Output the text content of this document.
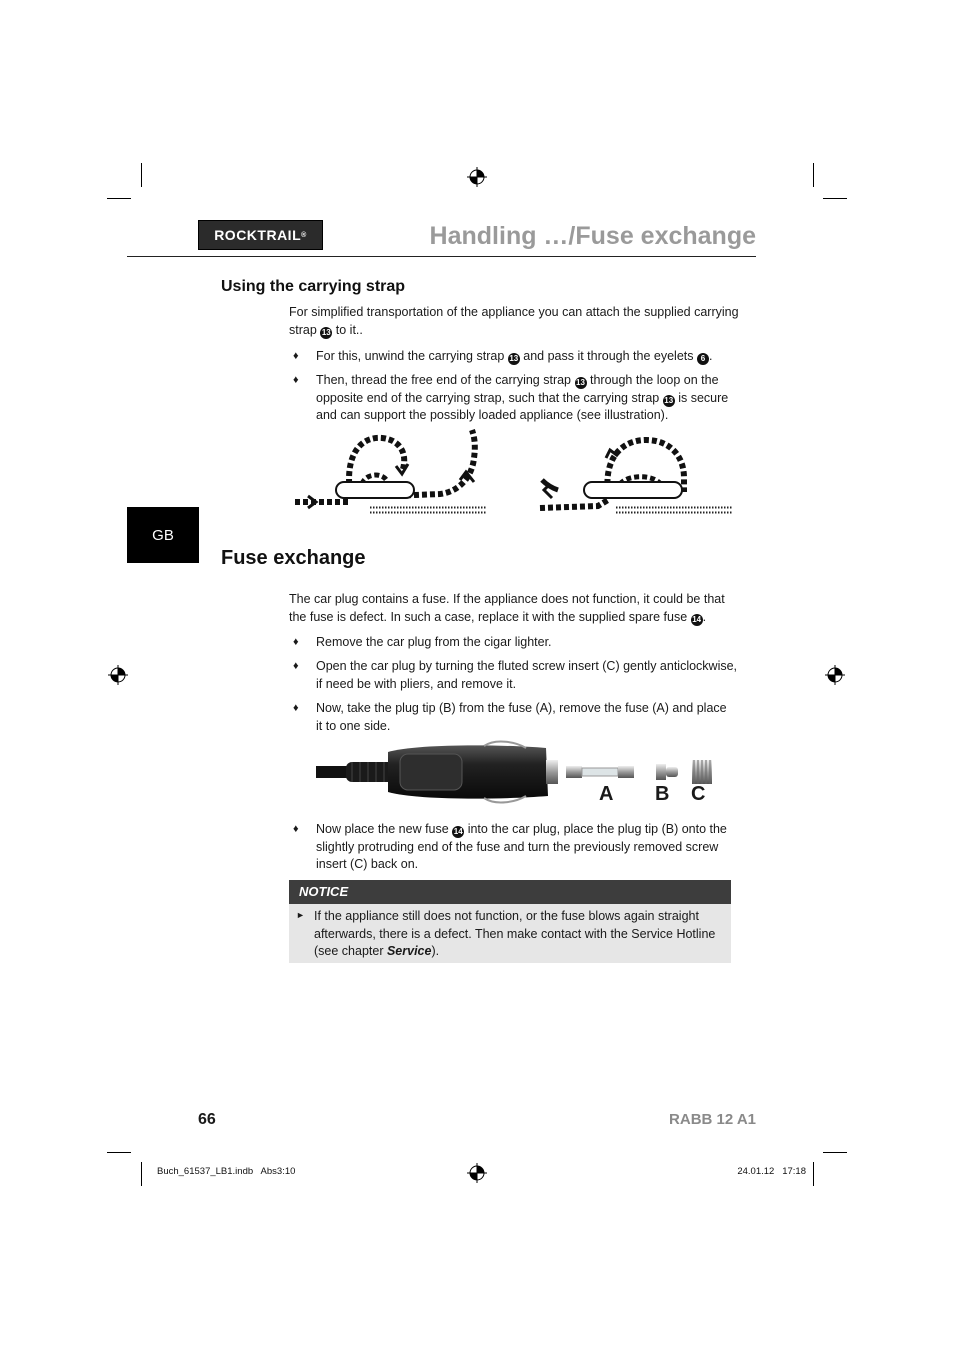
ROCKTRAIL ®	Handling …/Fuse exchange
GB
Using the carrying strap
For simplified transportation of the appliance you can attach the supplied carrying
strap 13 to it..
♦ For this, unwind the carrying strap 13 and pass it through the eyelets 6 .
♦ Then, thread the free end of the carrying strap 13 through the loop on the
opposite end of the carrying strap, such that the carrying strap 13 is secure
and can support the possibly loaded appliance (see illustration).
Fuse exchange
The car plug contains a fuse. If the appliance does not function, it could be that
the fuse is defect. In such a case, replace it with the supplied spare fuse 14 .
♦ Remove the car plug from the cigar lighter.
♦ Open the car plug by turning the fluted screw insert (C) gently anticlockwise,
if need be with pliers, and remove it.
♦ Now, take the plug tip (B) from the fuse (A), remove the fuse (A) and place
it to one side.
A B C
♦ Now place the new fuse 14 into the car plug, place the plug tip (B) onto the
slightly protruding end of the fuse and turn the previously removed screw
insert (C) back on.
NOTICE
► If the appliance still does not function, or the fuse blows again straight
afterwards, there is a defect. Then make contact with the Service Hotline
(see chapter Service).
66	RABB 12 A1
Buch_61537_LB1.indb   Abs3:10	24.01.12   17:18
